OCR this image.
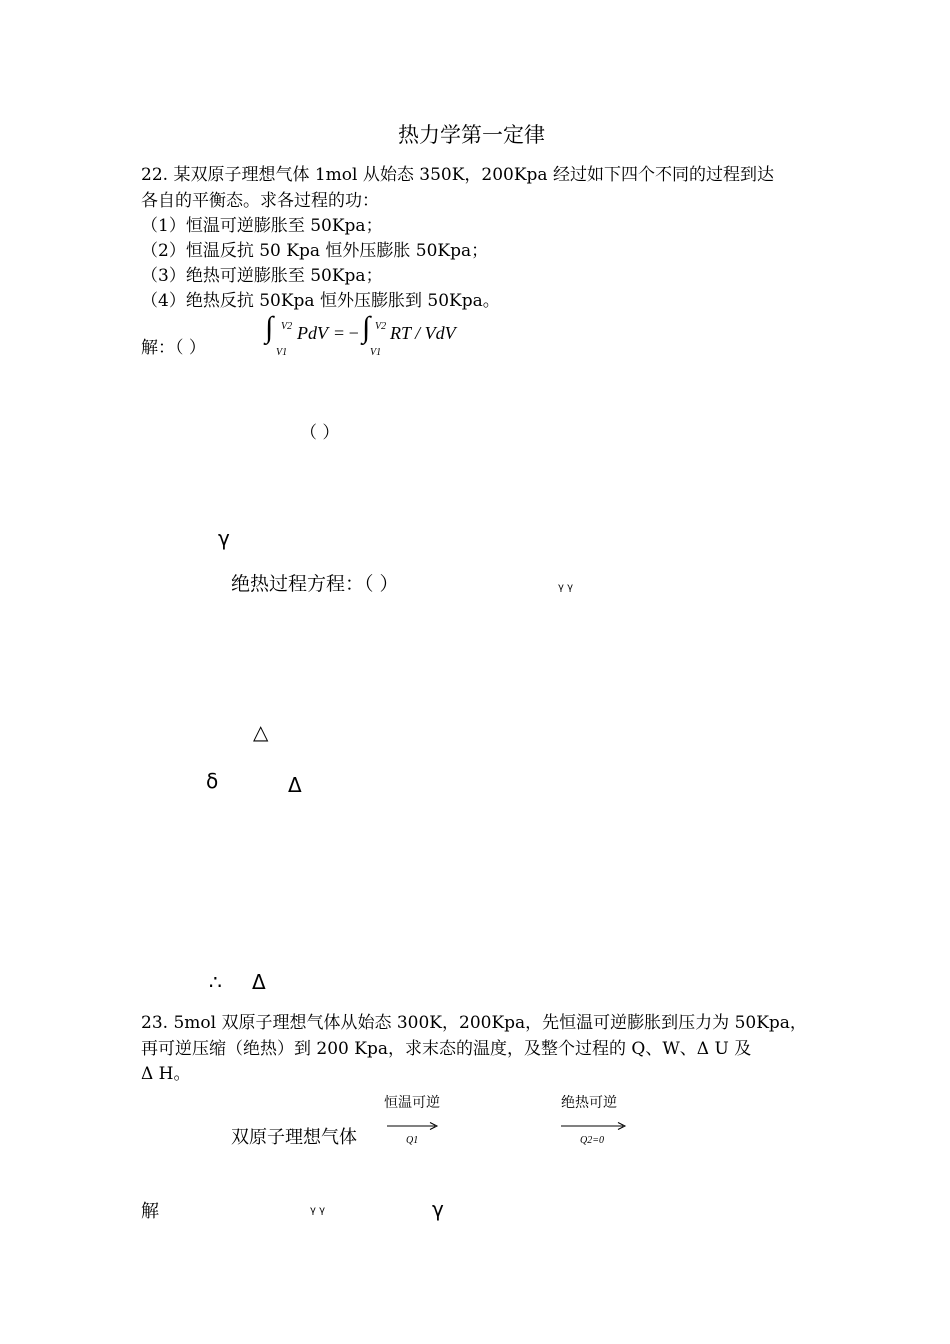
热力学第一定律
22. 某双原子理想气体 1mol 从始态 350K，200Kpa 经过如下四个不同的过程到达
各自的平衡态。求各过程的功：
（1）恒温可逆膨胀至 50Kpa；
（2）恒温反抗 50 Kpa 恒外压膨胀 50Kpa；
（3）绝热可逆膨胀至 50Kpa；
（4）绝热反抗 50Kpa 恒外压膨胀到 50Kpa。
解：（ ）
∫ V2
V1
PdV = − ∫ V2
V1
RT / VdV
（ ）
γ
绝热过程方程：（ ）	γ γ
△
δ	Δ
∴ Δ
23. 5mol 双原子理想气体从始态 300K，200Kpa，先恒温可逆膨胀到压力为 50Kpa，
再可逆压缩（绝热）到 200 Kpa，求末态的温度，及整个过程的 Q、W、Δ U 及
Δ H。
双原子理想气体
恒温可逆
Q1
绝热可逆
Q2=0
解	γ γ	γ
